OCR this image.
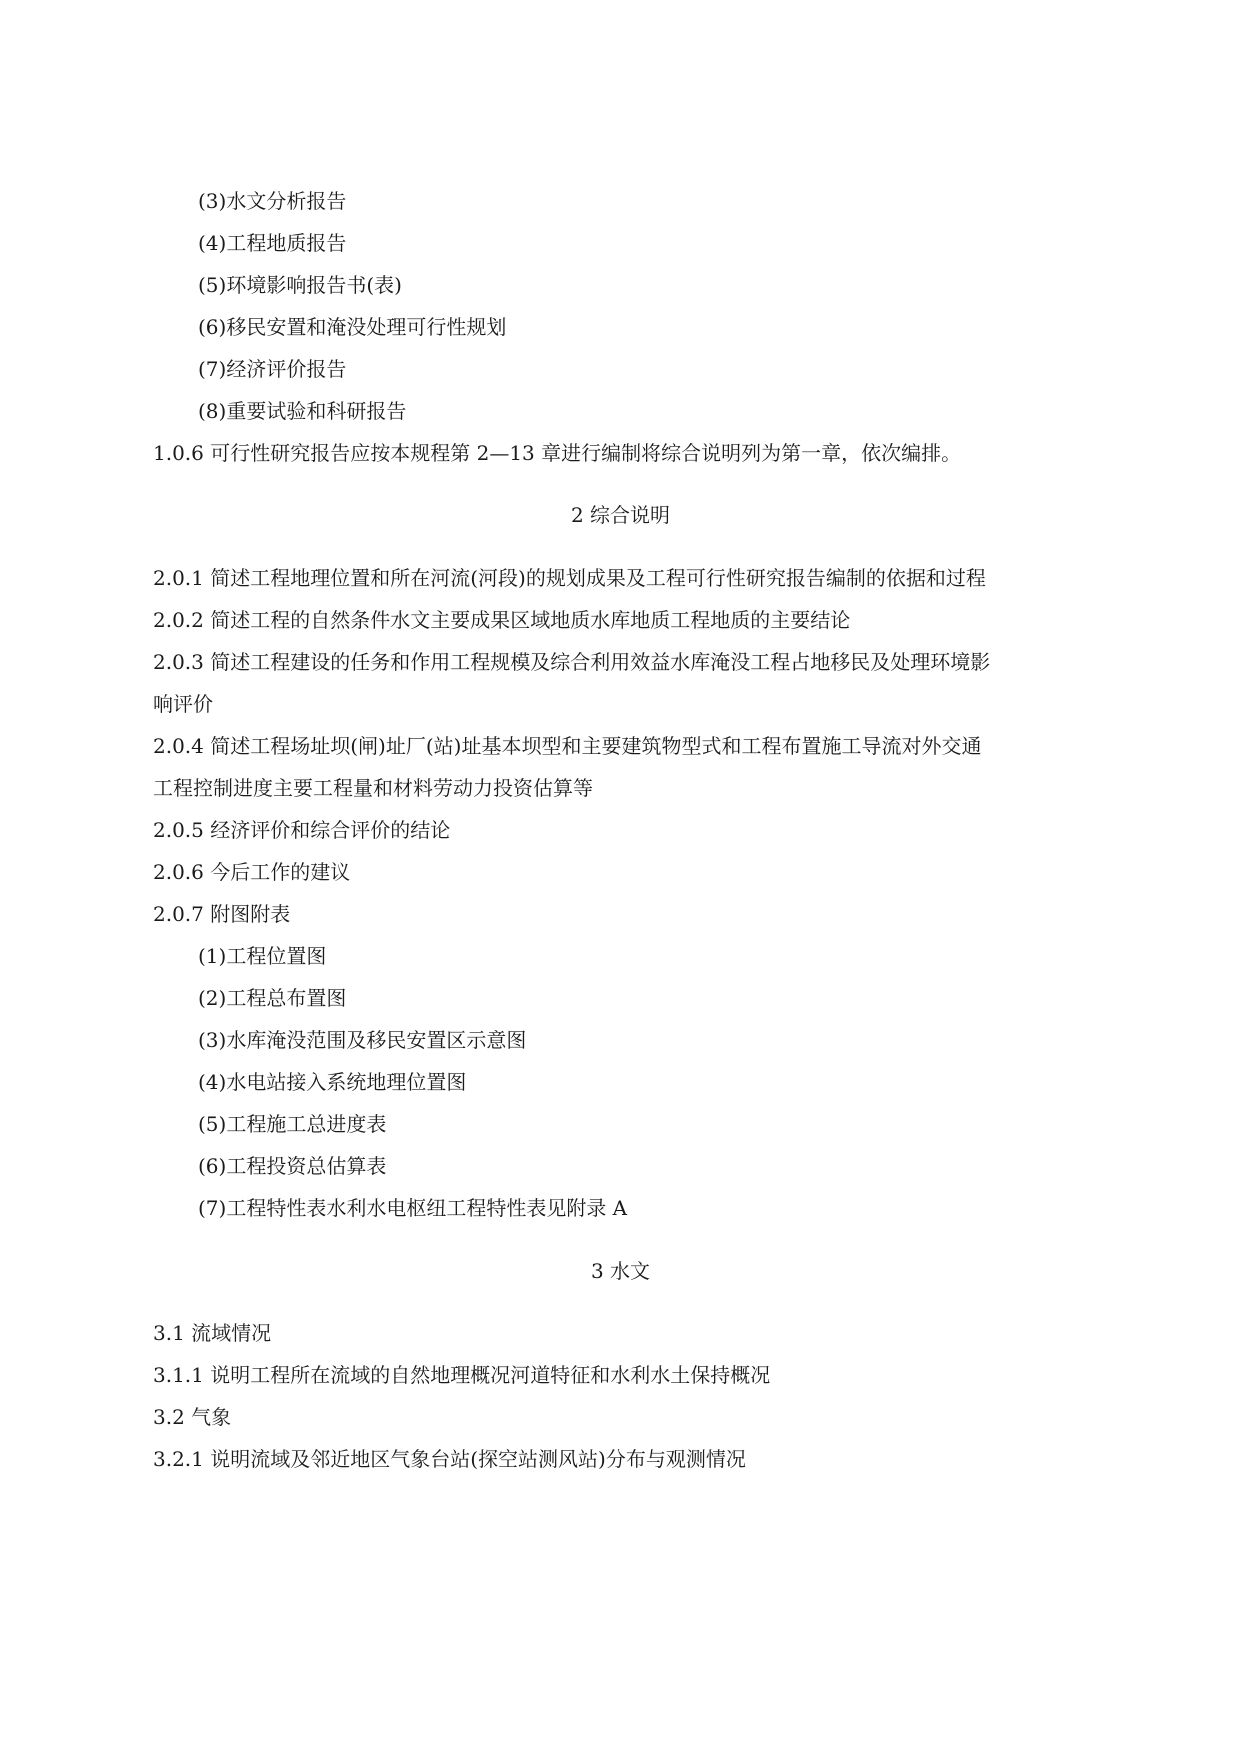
(3)水文分析报告
(4)工程地质报告
(5)环境影响报告书(表)
(6)移民安置和淹没处理可行性规划
(7)经济评价报告
(8)重要试验和科研报告
1.0.6 可行性研究报告应按本规程第 2—13 章进行编制将综合说明列为第一章，依次编排。
2 综合说明
2.0.1 简述工程地理位置和所在河流(河段)的规划成果及工程可行性研究报告编制的依据和过程
2.0.2 简述工程的自然条件水文主要成果区域地质水库地质工程地质的主要结论
2.0.3 简述工程建设的任务和作用工程规模及综合利用效益水库淹没工程占地移民及处理环境影
响评价
2.0.4 简述工程场址坝(闸)址厂(站)址基本坝型和主要建筑物型式和工程布置施工导流对外交通
工程控制进度主要工程量和材料劳动力投资估算等
2.0.5 经济评价和综合评价的结论
2.0.6 今后工作的建议
2.0.7 附图附表
(1)工程位置图
(2)工程总布置图
(3)水库淹没范围及移民安置区示意图
(4)水电站接入系统地理位置图
(5)工程施工总进度表
(6)工程投资总估算表
(7)工程特性表水利水电枢纽工程特性表见附录 A
3 水文
3.1 流域情况
3.1.1 说明工程所在流域的自然地理概况河道特征和水利水土保持概况
3.2 气象
3.2.1 说明流域及邻近地区气象台站(探空站测风站)分布与观测情况
